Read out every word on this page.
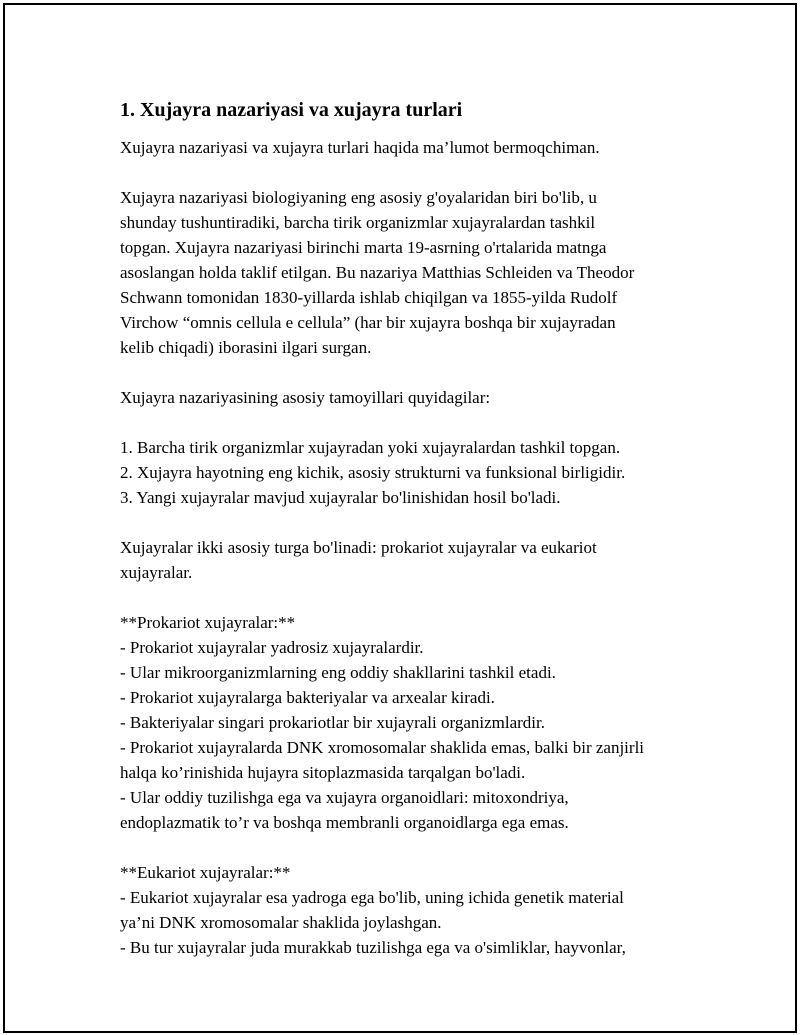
1. Xujayra nazariyasi va xujayra turlari

Xujayra nazariyasi va xujayra turlari haqida ma’lumot bermoqchiman.

Xujayra nazariyasi biologiyaning eng asosiy g'oyalaridan biri bo'lib, u

shunday tushuntiradiki, barcha tirik organizmlar xujayralardan tashkil

topgan. Xujayra nazariyasi birinchi marta 19-asrning o'rtalarida matnga

asoslangan holda taklif etilgan. Bu nazariya Matthias Schleiden va Theodor

Schwann tomonidan 1830-yillarda ishlab chiqilgan va 1855-yilda Rudolf

Virchow “omnis cellula e cellula” (har bir xujayra boshqa bir xujayradan

kelib chiqadi) iborasini ilgari surgan.

Xujayra nazariyasining asosiy tamoyillari quyidagilar:

1. Barcha tirik organizmlar xujayradan yoki xujayralardan tashkil topgan.

2. Xujayra hayotning eng kichik, asosiy strukturni va funksional birligidir.

3. Yangi xujayralar mavjud xujayralar bo'linishidan hosil bo'ladi.

Xujayralar ikki asosiy turga bo'linadi: prokariot xujayralar va eukariot

xujayralar.

**Prokariot xujayralar:**

- Prokariot xujayralar yadrosiz xujayralardir.

- Ular mikroorganizmlarning eng oddiy shakllarini tashkil etadi.

- Prokariot xujayralarga bakteriyalar va arxealar kiradi.

- Bakteriyalar singari prokariotlar bir xujayrali organizmlardir.

- Prokariot xujayralarda DNK xromosomalar shaklida emas, balki bir zanjirli

halqa ko’rinishida hujayra sitoplazmasida tarqalgan bo'ladi.

- Ular oddiy tuzilishga ega va xujayra organoidlari: mitoxondriya,

endoplazmatik to’r va boshqa membranli organoidlarga ega emas.

**Eukariot xujayralar:**

- Eukariot xujayralar esa yadroga ega bo'lib, uning ichida genetik material

ya’ni DNK xromosomalar shaklida joylashgan.

- Bu tur xujayralar juda murakkab tuzilishga ega va o'simliklar, hayvonlar,
